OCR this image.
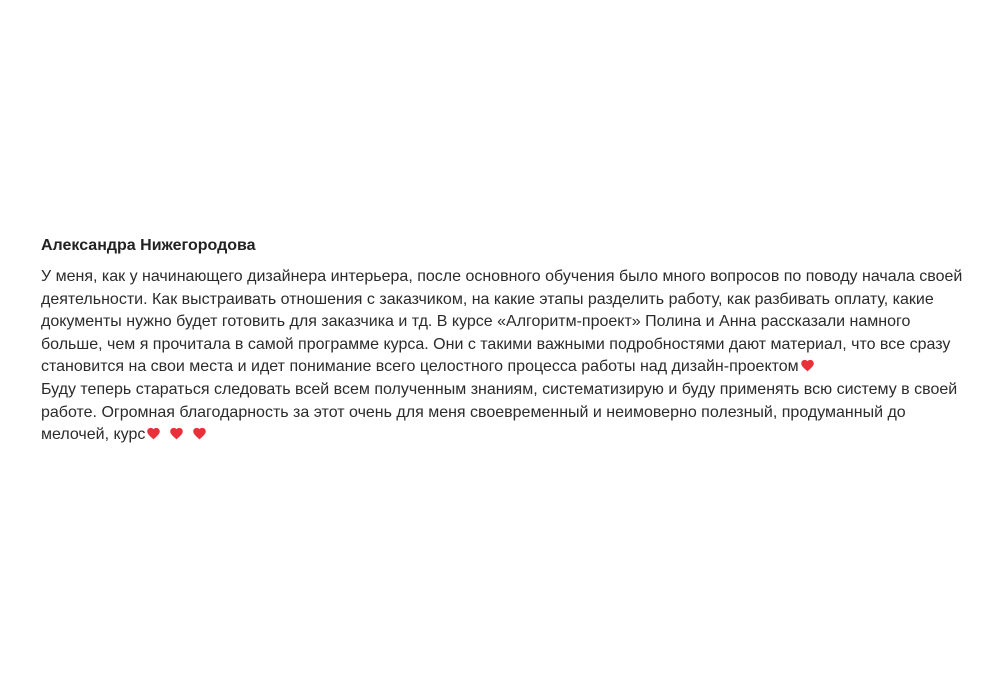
Александра Нижегородова

У меня, как у начинающего дизайнера интерьера, после основного обучения было много вопросов по поводу начала своей деятельности. Как выстраивать отношения с заказчиком, на какие этапы разделить работу, как разбивать оплату, какие документы нужно будет готовить для заказчика и тд. В курсе «Алгоритм-проект» Полина и Анна рассказали намного больше, чем я прочитала в самой программе курса. Они с такими важными подробностями дают материал, что все сразу становится на свои места и идет понимание всего целостного процесса работы над дизайн-проектом

Буду теперь стараться следовать всей всем полученным знаниям, систематизирую и буду применять всю систему в своей работе. Огромная благодарность за этот очень для меня своевременный и неимоверно полезный, продуманный до мелочей, курс
